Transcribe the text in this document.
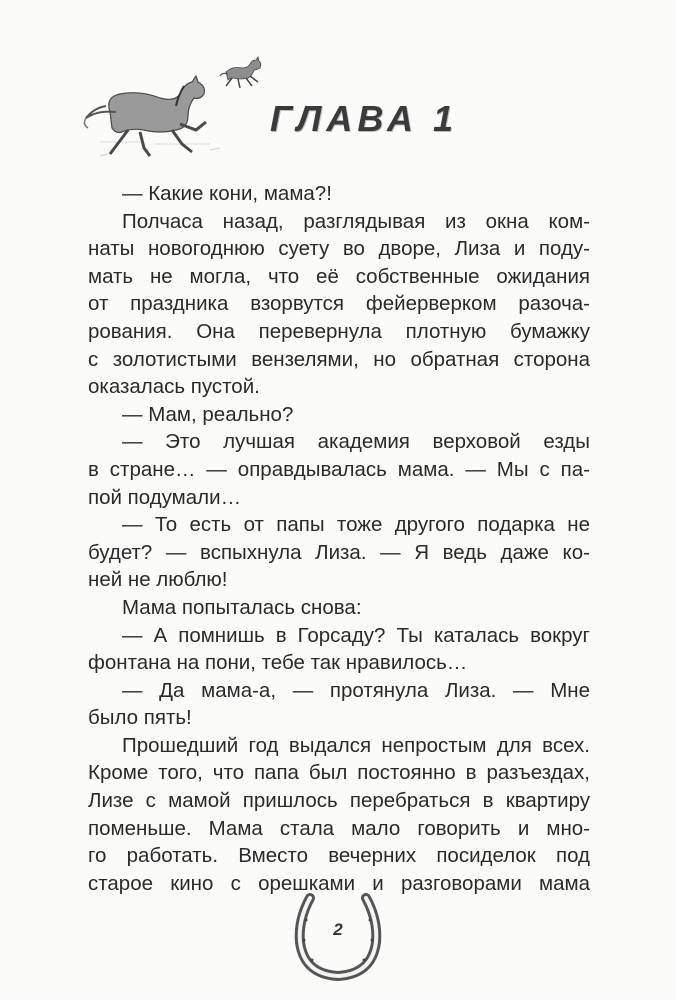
ГЛАВА 1
— Какие кони, мама?!
Полчаса назад, разглядывая из окна ком-
наты новогоднюю суету во дворе, Лиза и поду-
мать не могла, что её собственные ожидания
от праздника взорвутся фейерверком разоча-
рования. Она перевернула плотную бумажку
с золотистыми вензелями, но обратная сторона
оказалась пустой.
— Мам, реально?
— Это лучшая академия верховой езды
в стране… — оправдывалась мама. — Мы с па-
пой подумали…
— То есть от папы тоже другого подарка не
будет? — вспыхнула Лиза. — Я ведь даже ко-
ней не люблю!
Мама попыталась снова:
— А помнишь в Горсаду? Ты каталась вокруг
фонтана на пони, тебе так нравилось…
— Да мама-а, — протянула Лиза. — Мне
было пять!
Прошедший год выдался непростым для всех.
Кроме того, что папа был постоянно в разъездах,
Лизе с мамой пришлось перебраться в квартиру
поменьше. Мама стала мало говорить и мно-
го работать. Вместо вечерних посиделок под
старое кино с орешками и разговорами мама
2
